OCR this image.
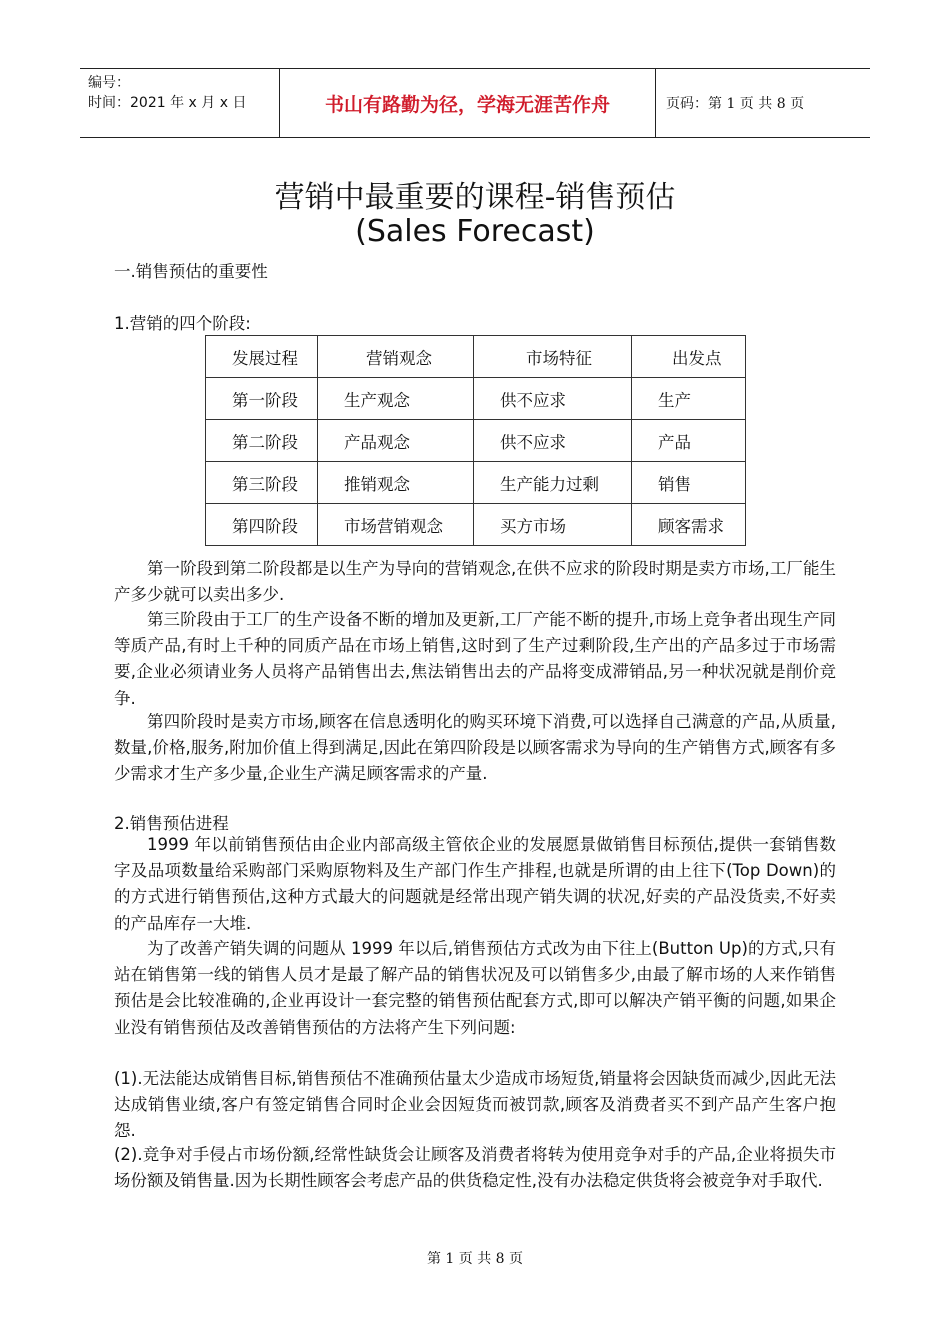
编号：
时间：2021 年 x 月 x 日	书山有路勤为径，学海无涯苦作舟	页码：第 1 页 共 8 页
营销中最重要的课程-销售预估
(Sales Forecast)
一.销售预估的重要性
1.营销的四个阶段:
发展过程	营销观念	市场特征	出发点
第一阶段	生产观念	供不应求	生产
第二阶段	产品观念	供不应求	产品
第三阶段	推销观念	生产能力过剩	销售
第四阶段	市场营销观念	买方市场	顾客需求

第一阶段到第二阶段都是以生产为导向的营销观念,在供不应求的阶段时期是卖方市场,工厂能生产多少就可以卖出多少.

第三阶段由于工厂的生产设备不断的增加及更新,工厂产能不断的提升,市场上竞争者出现生产同等质产品,有时上千种的同质产品在市场上销售,这时到了生产过剩阶段,生产出的产品多过于市场需要,企业必须请业务人员将产品销售出去,焦法销售出去的产品将变成滞销品,另一种状况就是削价竞争.

第四阶段时是卖方市场,顾客在信息透明化的购买环境下消费,可以选择自己满意的产品,从质量,数量,价格,服务,附加价值上得到满足,因此在第四阶段是以顾客需求为导向的生产销售方式,顾客有多少需求才生产多少量,企业生产满足顾客需求的产量.

2.销售预估进程

1999 年以前销售预估由企业内部高级主管依企业的发展愿景做销售目标预估,提供一套销售数字及品项数量给采购部门采购原物料及生产部门作生产排程,也就是所谓的由上往下(Top Down)的的方式进行销售预估,这种方式最大的问题就是经常出现产销失调的状况,好卖的产品没货卖,不好卖的产品库存一大堆.

为了改善产销失调的问题从 1999 年以后,销售预估方式改为由下往上(Button Up)的方式,只有站在销售第一线的销售人员才是最了解产品的销售状况及可以销售多少,由最了解市场的人来作销售预估是会比较准确的,企业再设计一套完整的销售预估配套方式,即可以解决产销平衡的问题,如果企业没有销售预估及改善销售预估的方法将产生下列问题:

(1).无法能达成销售目标,销售预估不准确预估量太少造成市场短货,销量将会因缺货而减少,因此无法达成销售业绩,客户有签定销售合同时企业会因短货而被罚款,顾客及消费者买不到产品产生客户抱怨.

(2).竞争对手侵占市场份额,经常性缺货会让顾客及消费者将转为使用竞争对手的产品,企业将损失市场份额及销售量.因为长期性顾客会考虑产品的供货稳定性,没有办法稳定供货将会被竞争对手取代.

第 1 页 共 8 页
